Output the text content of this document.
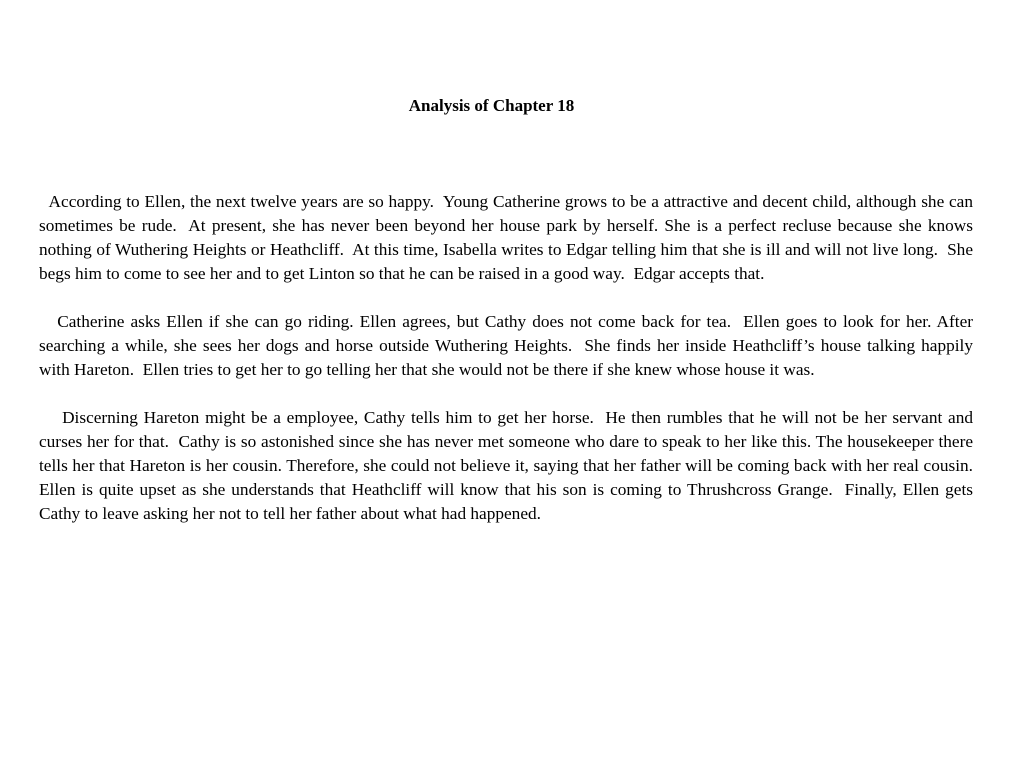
Analysis of Chapter 18

According to Ellen, the next twelve years are so happy.  Young Catherine grows to be a attractive and decent child, although she can sometimes be rude.  At present, she has never been beyond her house park by herself. She is a perfect recluse because she knows nothing of Wuthering Heights or Heathcliff.  At this time, Isabella writes to Edgar telling him that she is ill and will not live long.  She begs him to come to see her and to get Linton so that he can be raised in a good way.  Edgar accepts that.

Catherine asks Ellen if she can go riding. Ellen agrees, but Cathy does not come back for tea.  Ellen goes to look for her. After searching a while, she sees her dogs and horse outside Wuthering Heights.  She finds her inside Heathcliff’s house talking happily with Hareton.  Ellen tries to get her to go telling her that she would not be there if she knew whose house it was.

Discerning Hareton might be a employee, Cathy tells him to get her horse.  He then rumbles that he will not be her servant and curses her for that.  Cathy is so astonished since she has never met someone who dare to speak to her like this. The housekeeper there tells her that Hareton is her cousin. Therefore, she could not believe it, saying that her father will be coming back with her real cousin.  Ellen is quite upset as she understands that Heathcliff will know that his son is coming to Thrushcross Grange.  Finally, Ellen gets Cathy to leave asking her not to tell her father about what had happened.
